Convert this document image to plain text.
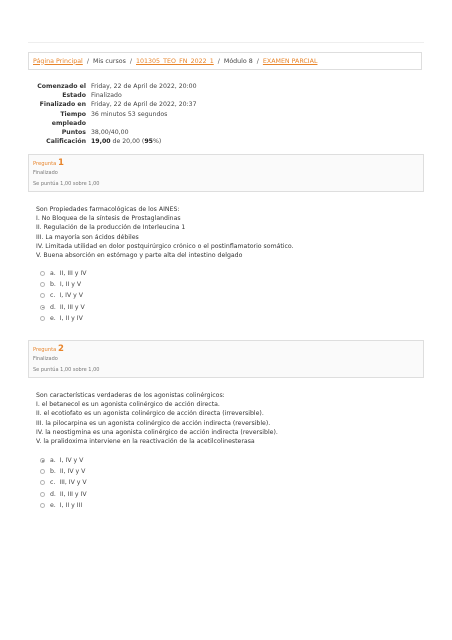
Página Principal / Mis cursos / 101305_TEO_FN_2022_1 / Módulo 8 / EXAMEN PARCIAL
Comenzado el Friday, 22 de April de 2022, 20:00
Estado Finalizado
Finalizado en Friday, 22 de April de 2022, 20:37
Tiempo empleado
36 minutos 53 segundos
Puntos 38,00/40,00
Calificación 19,00 de 20,00 (95%)
Pregunta 1
Finalizado
Se puntúa 1,00 sobre 1,00
Son Propiedades farmacológicas de los AINES:
I. No Bloquea de la síntesis de Prostaglandinas
II. Regulación de la producción de Interleucina 1
III. La mayoría son ácidos débiles
IV. Limitada utilidad en dolor postquirúrgico crónico o el postinflamatorio somático.
V. Buena absorción en estómago y parte alta del intestino delgado
a. II, III y IV
b. I, II y V
c. I, IV y V
d. II, III y V
e. I, II y IV
Pregunta 2
Finalizado
Se puntúa 1,00 sobre 1,00
Son características verdaderas de los agonistas colinérgicos:
I. el betanecol es un agonista colinérgico de acción directa.
II. el ecotiofato es un agonista colinérgico de acción directa (irreversible).
III. la pilocarpina es un agonista colinérgico de acción indirecta (reversible).
IV. la neostigmina es una agonista colinérgico de acción indirecta (reversible).
V. la pralidoxima interviene en la reactivación de la acetilcolinesterasa
a. I, IV y V
b. II, IV y V
c. III, IV y V
d. II, III y IV
e. I, II y III
